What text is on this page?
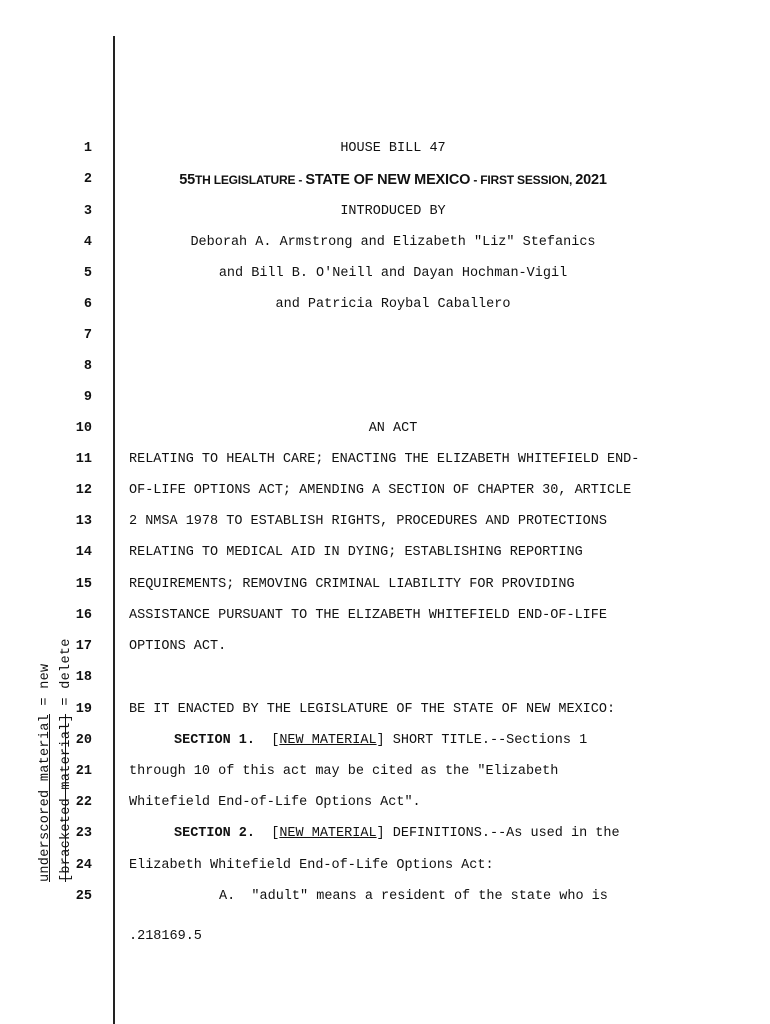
underscored material = new
[bracketed material] = delete
1	HOUSE BILL 47
2	55TH LEGISLATURE - STATE OF NEW MEXICO - FIRST SESSION, 2021
3	INTRODUCED BY
4	Deborah A. Armstrong and Elizabeth "Liz" Stefanics
5	and Bill B. O'Neill and Dayan Hochman-Vigil
6	and Patricia Roybal Caballero
7
8
9
10	AN ACT
11	RELATING TO HEALTH CARE; ENACTING THE ELIZABETH WHITEFIELD END-
12	OF-LIFE OPTIONS ACT; AMENDING A SECTION OF CHAPTER 30, ARTICLE
13	2 NMSA 1978 TO ESTABLISH RIGHTS, PROCEDURES AND PROTECTIONS
14	RELATING TO MEDICAL AID IN DYING; ESTABLISHING REPORTING
15	REQUIREMENTS; REMOVING CRIMINAL LIABILITY FOR PROVIDING
16	ASSISTANCE PURSUANT TO THE ELIZABETH WHITEFIELD END-OF-LIFE
17	OPTIONS ACT.
18
19	BE IT ENACTED BY THE LEGISLATURE OF THE STATE OF NEW MEXICO:
20	SECTION 1. [NEW MATERIAL] SHORT TITLE.--Sections 1
21	through 10 of this act may be cited as the "Elizabeth
22	Whitefield End-of-Life Options Act".
23	SECTION 2. [NEW MATERIAL] DEFINITIONS.--As used in the
24	Elizabeth Whitefield End-of-Life Options Act:
25	A.  "adult" means a resident of the state who is
.218169.5
